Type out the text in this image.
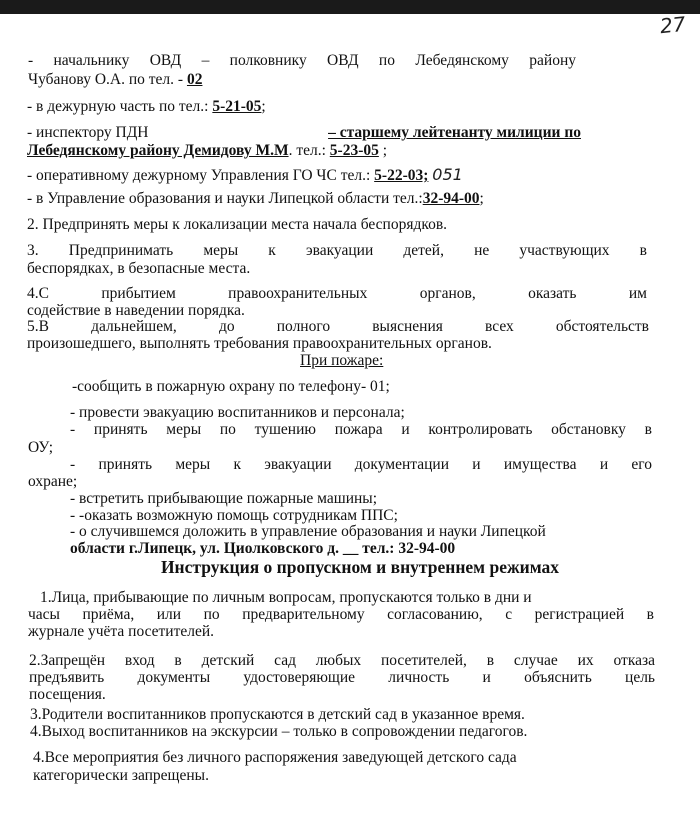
27
- начальнику ОВД – полковнику ОВД по Лебедянскому району
Чубанову О.А. по тел. - 02
- в дежурную часть по тел.: 5-21-05;
- инспектору ПДН	– старшему лейтенанту милиции по
Лебедянскому району Демидову М.М. тел.: 5-23-05 ;
- оперативному дежурному Управления ГО ЧС тел.: 5-22-03; 051
- в Управление образования и науки Липецкой области тел.:32-94-00;
2. Предпринять меры к локализации места начала беспорядков.
3. Предпринимать меры к эвакуации детей, не участвующих в
беспорядках, в безопасные места.
4.С прибытием правоохранительных органов, оказать им
содействие в наведении порядка.
5.В дальнейшем, до полного выяснения всех обстоятельств
произошедшего, выполнять требования правоохранительных органов.
При пожаре:
-сообщить в пожарную охрану по телефону- 01;
- провести эвакуацию воспитанников и персонала;
- принять меры по тушению пожара и контролировать обстановку в
ОУ;
- принять меры к эвакуации документации и имущества и его
охране;
- встретить прибывающие пожарные машины;
- -оказать возможную помощь сотрудникам ППС;
- о случившемся доложить в управление образования и науки Липецкой
области г.Липецк, ул. Циолковского д. __ тел.: 32-94-00
Инструкция о пропускном и внутреннем режимах
1.Лица, прибывающие по личным вопросам, пропускаются только в дни и
часы приёма, или по предварительному согласованию, с регистрацией в
журнале учёта посетителей.
2.Запрещён вход в детский сад любых посетителей, в случае их отказа
предъявить документы удостоверяющие личность и объяснить цель
посещения.
3.Родители воспитанников пропускаются в детский сад в указанное время.
4.Выход воспитанников на экскурсии – только в сопровождении педагогов.
4.Все мероприятия без личного распоряжения заведующей детского сада
категорически запрещены.
